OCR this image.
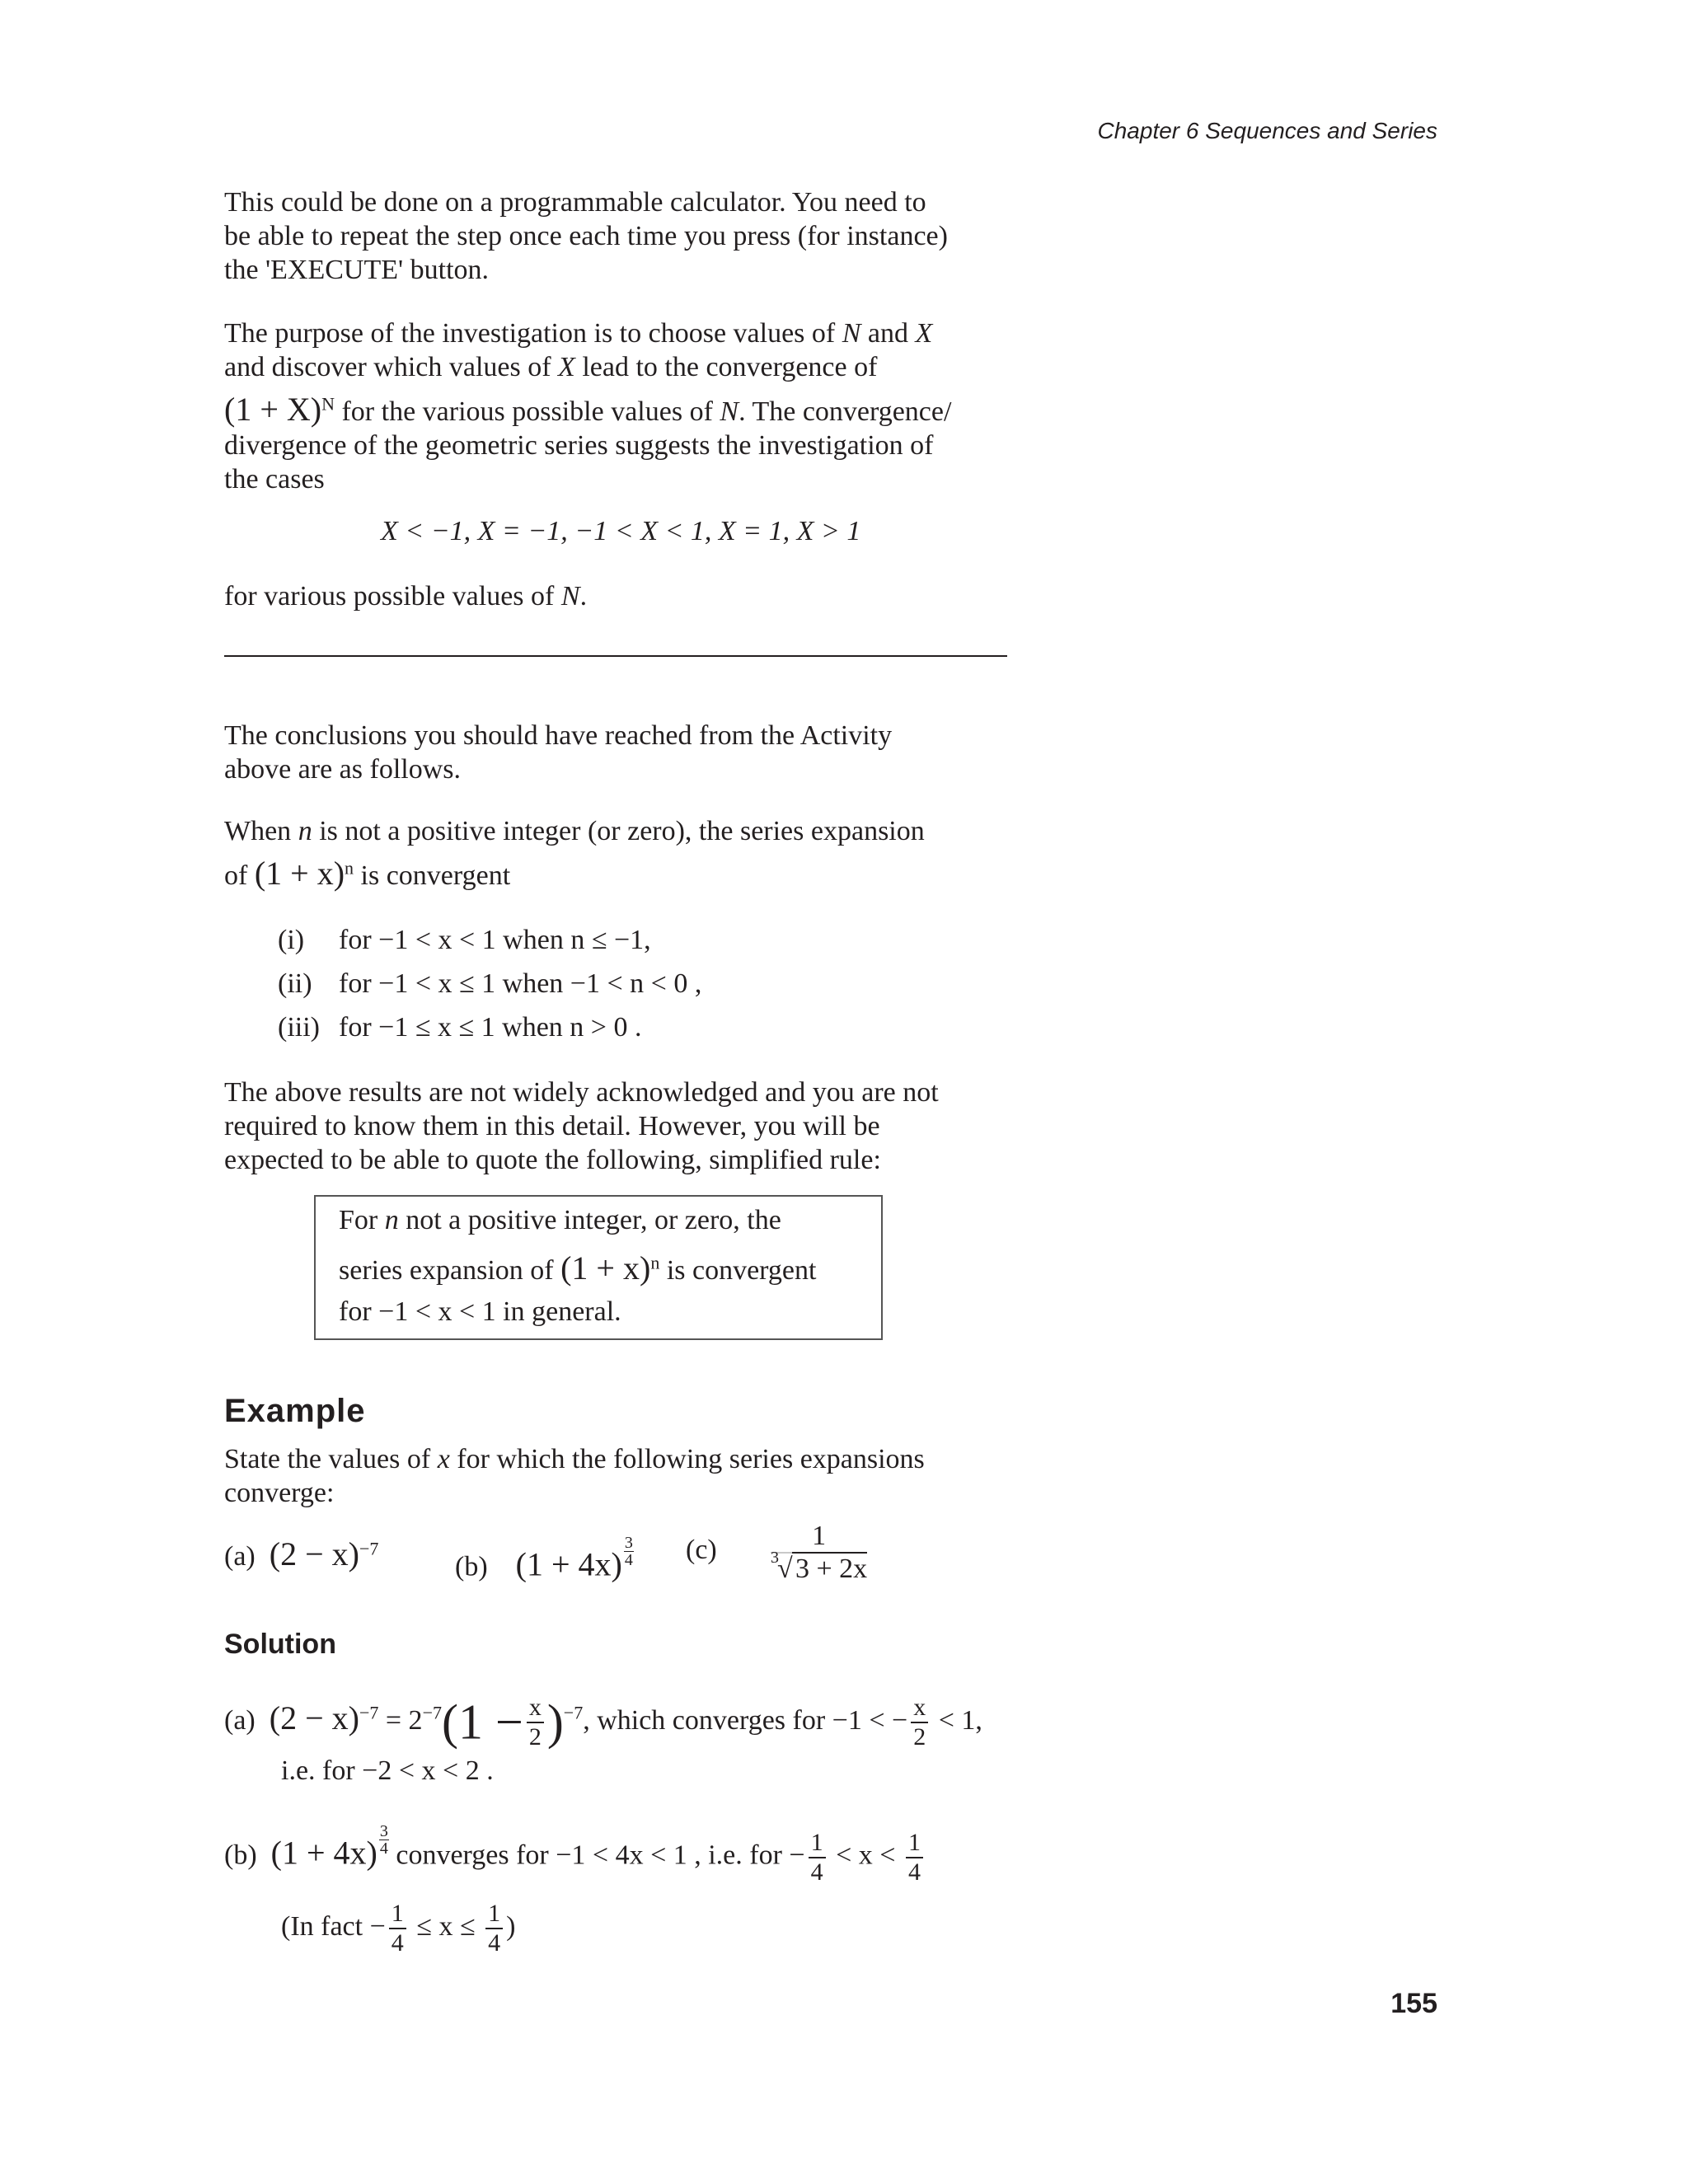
Chapter 6 Sequences and Series
This could be done on a programmable calculator. You need to
be able to repeat the step once each time you press (for instance)
the 'EXECUTE' button.
The purpose of the investigation is to choose values of N and X
and discover which values of X lead to the convergence of
$(1 + X)^N$ for the various possible values of N. The convergence/
divergence of the geometric series suggests the investigation of
the cases
X < −1, X = −1, −1 < X < 1, X = 1, X > 1
for various possible values of N.
The conclusions you should have reached from the Activity
above are as follows.
When n is not a positive integer (or zero), the series expansion
of $(1 + x)^n$ is convergent
(i) for −1 < x < 1 when n ≤ −1,
(ii) for −1 < x ≤ 1 when −1 < n < 0 ,
(iii) for −1 ≤ x ≤ 1 when n > 0 .
The above results are not widely acknowledged and you are not
required to know them in this detail. However, you will be
expected to be able to quote the following, simplified rule:
For n not a positive integer, or zero, the
series expansion of $(1 + x)^n$ is convergent
for −1 < x < 1 in general.
Example
State the values of x for which the following series expansions
converge:
(a) $(2 - x)^{-7}$
(b) $(1 + 4x) \frac{3}{4} (c)$	1
3
√ 3 + 2x
Solution
(a) $(2 - x)^{-7} = 2^{-7}(1 - \frac{x}{2} )^{-7}$, which converges for −1 < − $\frac{x}{2} < 1$,
i.e. for −2 < x < 2 .
(b) $(1 + 4x) \frac{3}{4}$ converges for −1 < 4x < 1 , i.e. for − $\frac{1}{4} < x < \frac{1}{4}$
(In fact − $\frac{1}{4} \le x \le \frac{1}{4}$ )
155
